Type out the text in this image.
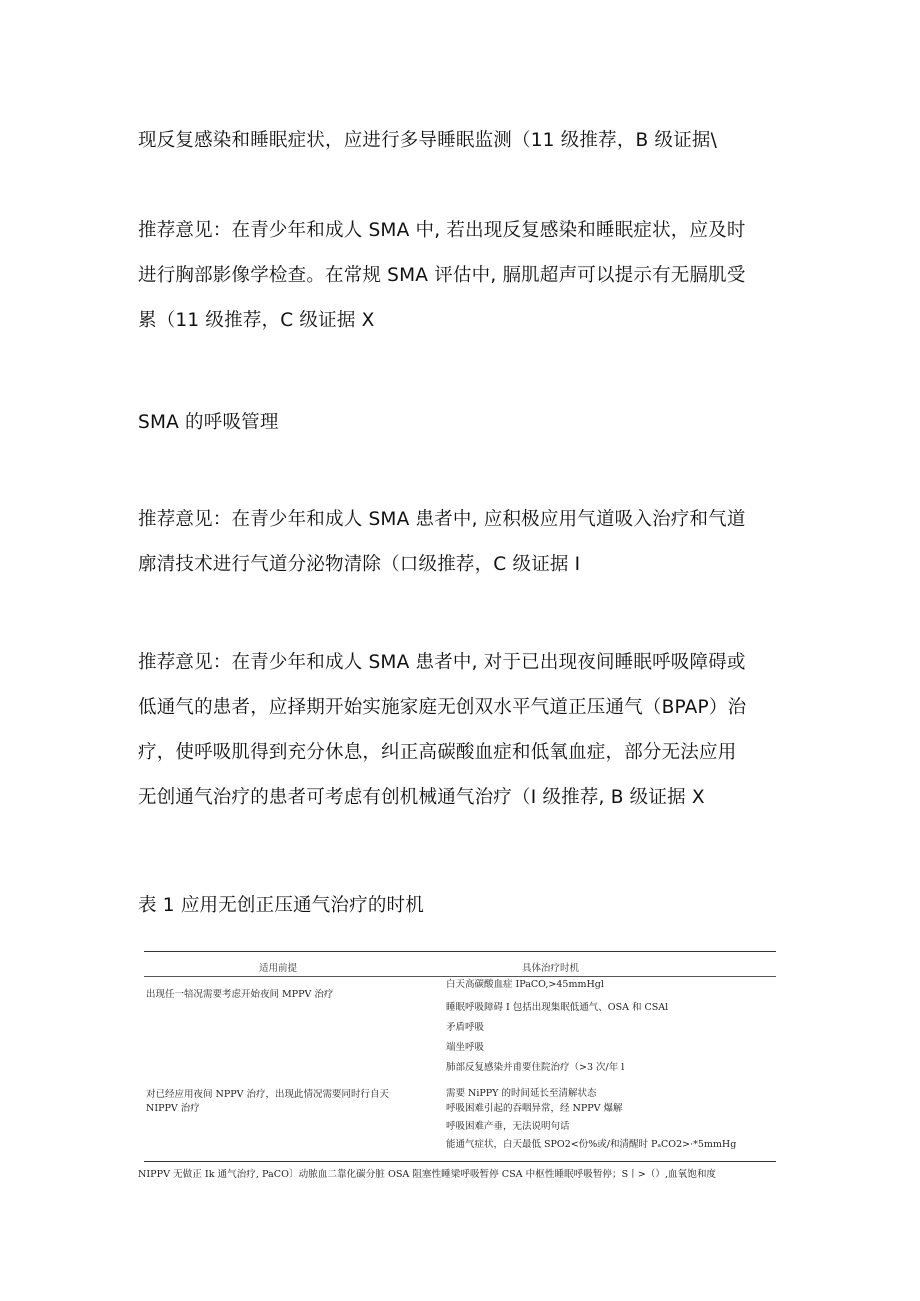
现反复感染和睡眠症状，应进行多导睡眠监测（11 级推荐，B 级证据\
推荐意见：在青少年和成人 SMA 中, 若出现反复感染和睡眠症状，应及时
进行胸部影像学检查。在常规 SMA 评估中, 膈肌超声可以提示有无膈肌受
累（11 级推荐，C 级证据 X
SMA 的呼吸管理
推荐意见：在青少年和成人 SMA 患者中, 应积极应用气道吸入治疗和气道
廓清技术进行气道分泌物清除（口级推荐，C 级证据 I
推荐意见：在青少年和成人 SMA 患者中, 对于已出现夜间睡眠呼吸障碍或
低通气的患者，应择期开始实施家庭无创双水平气道正压通气（BPAP）治
疗，使呼吸肌得到充分休息，纠正高碳酸血症和低氧血症，部分无法应用
无创通气治疗的患者可考虑有创机械通气治疗（I 级推荐, B 级证据 X
表 1 应用无创正压通气治疗的时机
适用前提	具体治疗时机
出现任一犃况需要考虑开始夜间 MPPV 治疗
白天高碳酸血症 IPaCO,>45mmHgl
睡眠呼吸障碍 I 包括出现集眠低通气、OSA 和 CSAl
矛盾呼吸
端坐呼吸
肺部反复感染并甫要住院治疗（>3 次/年 l
对已经应用夜间 NPPV 治疗，出现此情况需要同时行自天
NIPPV 治疗
需要 NiPPY 的时间延长至清解状态
呼吸困难引起的吞咽异常，经 NPPV 爆解
呼吸困难产垂，无法说明句话
能通气症状，白天最低 SPO2<份%或/和清醒时 PₐCO2>·*5mmHg
NIPPV 无做正 Ik 通气治疗, PaCO〕动脓血二靠化碳分脏 OSA 阻塞性睡梁呼吸暂停 CSA 中枢性睡眠呼吸暂停；S丨>（）,血氧饱和度
